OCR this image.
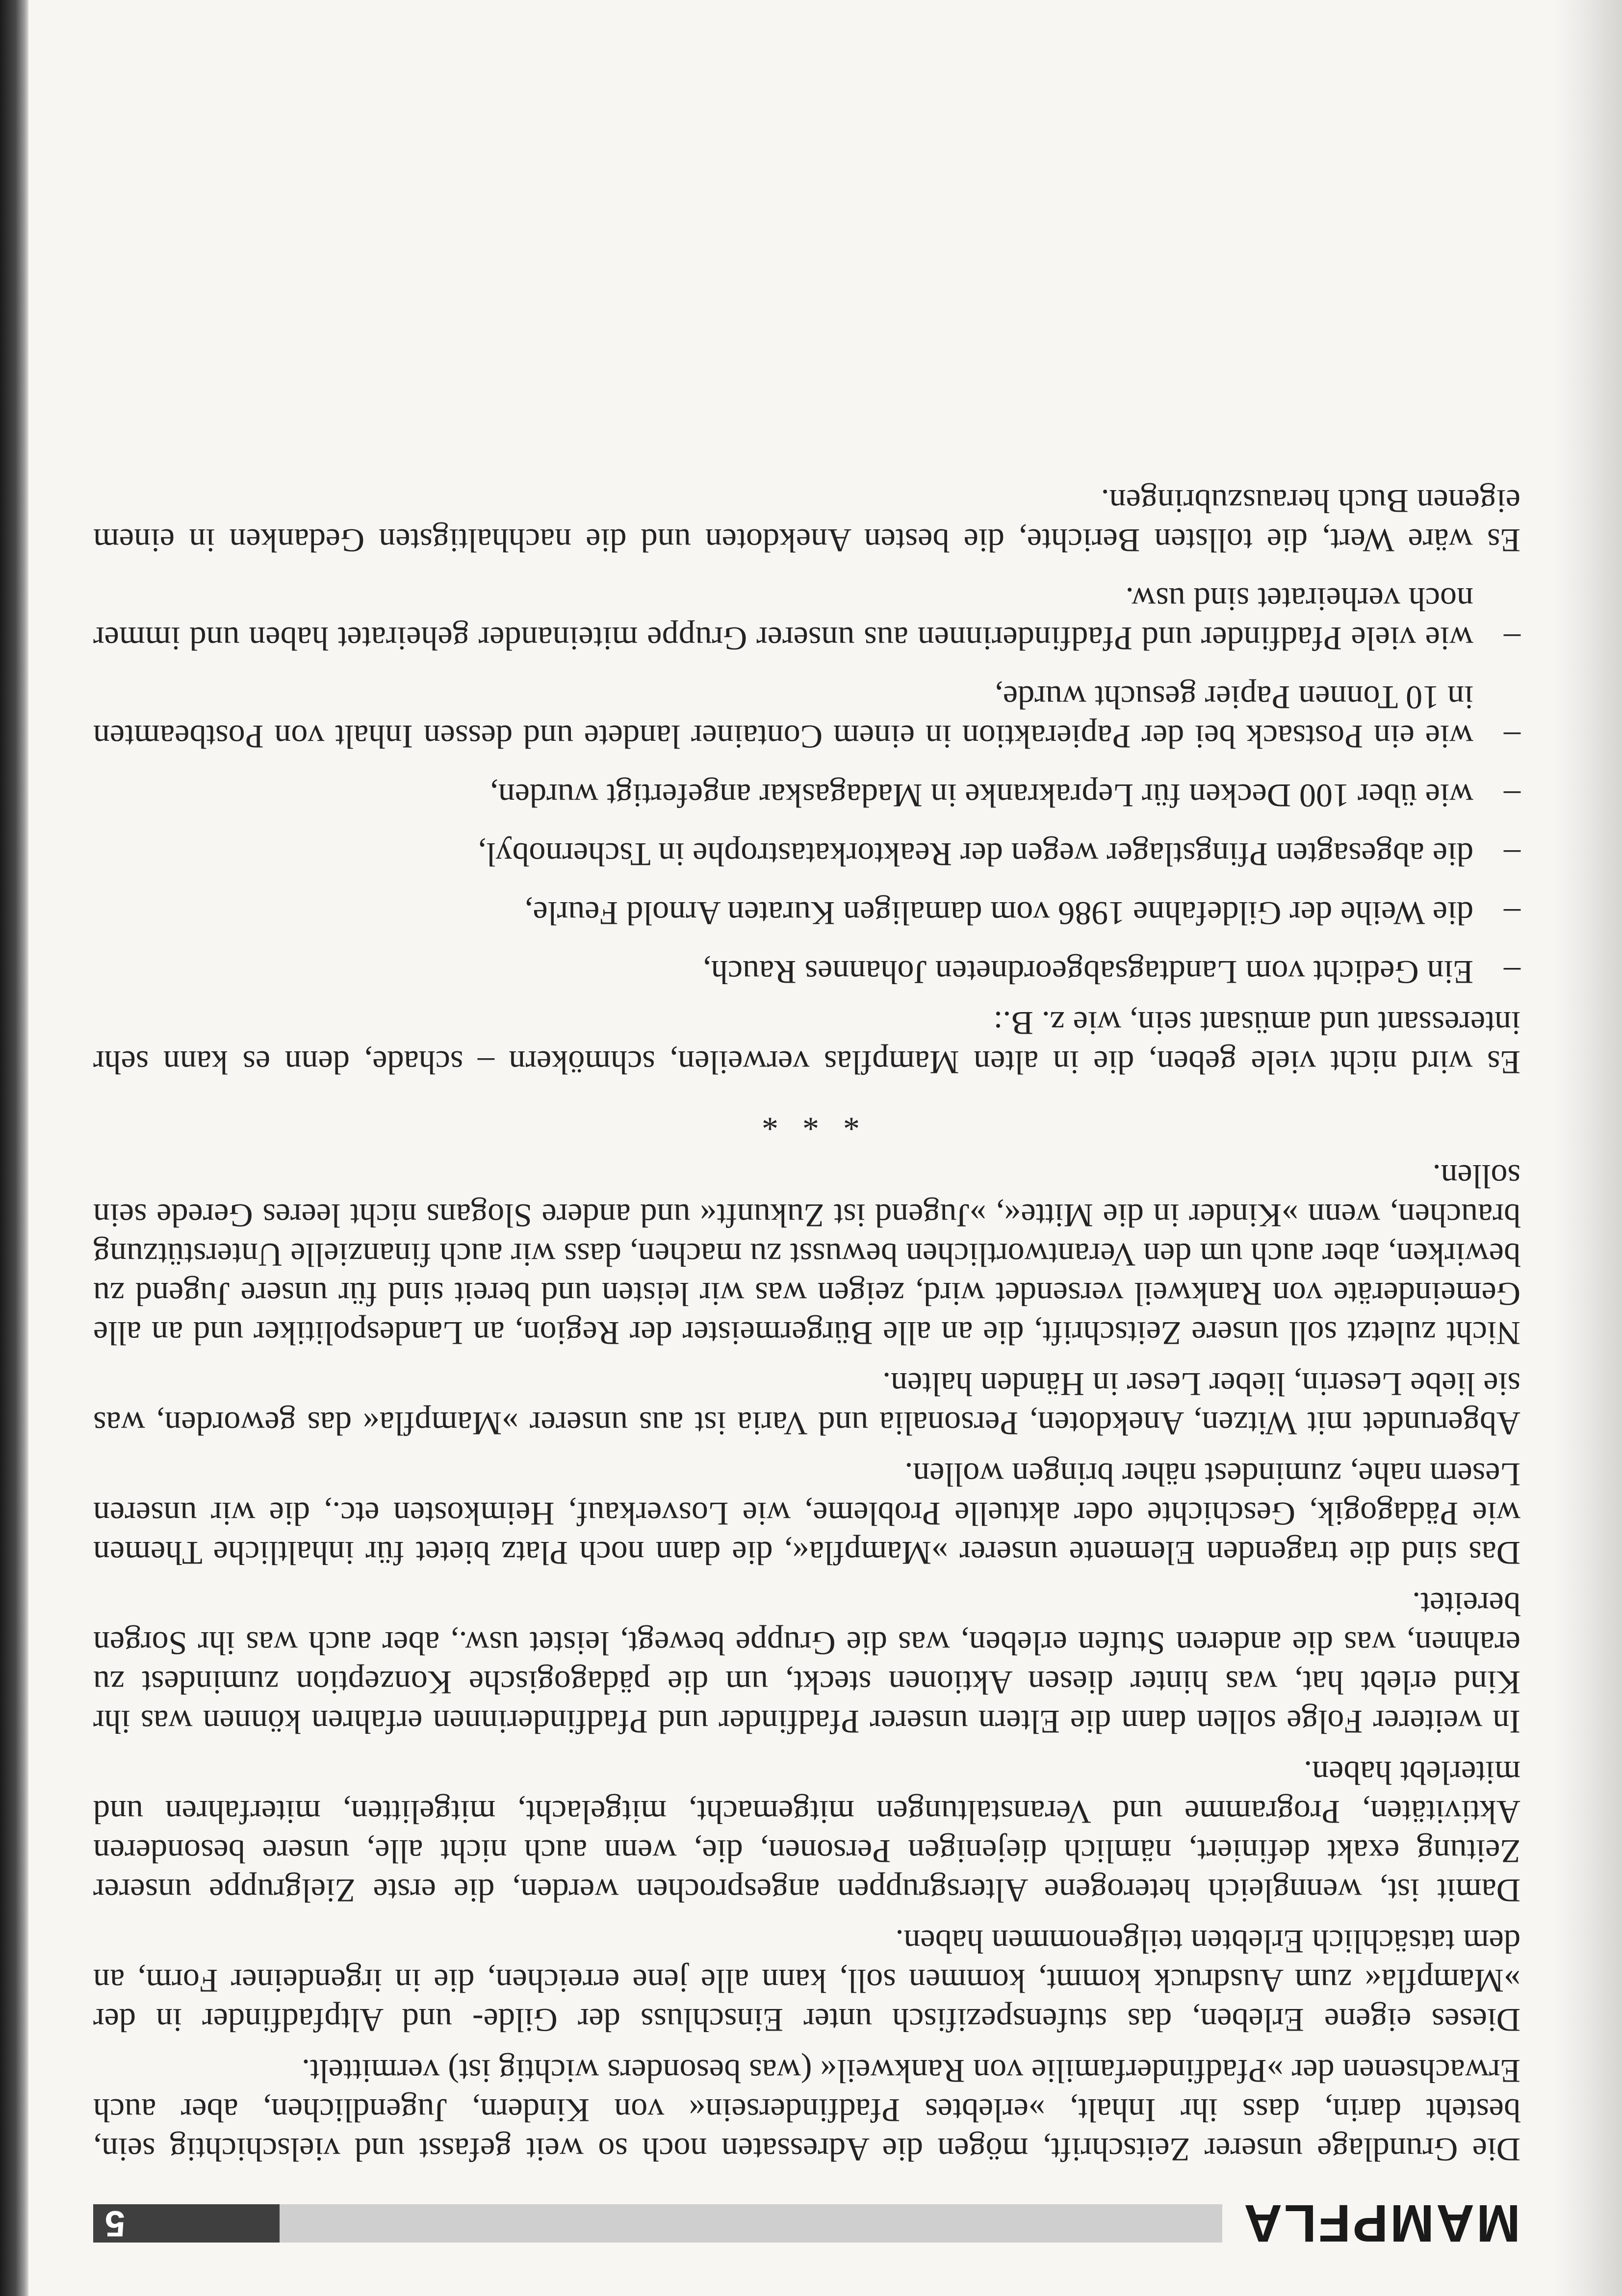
MAMPFLA
5

Die Grundlage unserer Zeitschrift, mögen die Adressaten noch so weit gefasst und vielschichtig sein, besteht darin, dass ihr Inhalt, »erlebtes Pfadfindersein« von Kindern, Jugendlichen, aber auch Erwachsenen der »Pfadfinderfamilie von Rankweil« (was besonders wichtig ist) vermittelt.

Dieses eigene Erleben, das stufenspezifisch unter Einschluss der Gilde- und Altpfadfinder in der »Mampfla« zum Ausdruck kommt, kommen soll, kann alle jene erreichen, die in irgendeiner Form, an dem tatsächlich Erlebten teilgenommen haben.

Damit ist, wenngleich heterogene Altersgruppen angesprochen werden, die erste Zielgruppe unserer Zeitung exakt definiert, nämlich diejenigen Personen, die, wenn auch nicht alle, unsere besonderen Aktivitäten, Programme und Veranstaltungen mitgemacht, mitgelacht, mitgelitten, miterfahren und miterlebt haben.

In weiterer Folge sollen dann die Eltern unserer Pfadfinder und Pfadfinderinnen erfahren können was ihr Kind erlebt hat, was hinter diesen Aktionen steckt, um die pädagogische Konzeption zumindest zu erahnen, was die anderen Stufen erleben, was die Gruppe bewegt, leistet usw., aber auch was ihr Sorgen bereitet.

Das sind die tragenden Elemente unserer »Mampfla«, die dann noch Platz bietet für inhaltliche Themen wie Pädagogik, Geschichte oder aktuelle Probleme, wie Losverkauf, Heimkosten etc., die wir unseren Lesern nahe, zumindest näher bringen wollen.

Abgerundet mit Witzen, Anekdoten, Personalia und Varia ist aus unserer »Mampfla« das geworden, was sie liebe Leserin, lieber Leser in Händen halten.

Nicht zuletzt soll unsere Zeitschrift, die an alle Bürgermeister der Region, an Landespolitiker und an alle Gemeinderäte von Rankweil versendet wird, zeigen was wir leisten und bereit sind für unsere Jugend zu bewirken, aber auch um den Verantwortlichen bewusst zu machen, dass wir auch finanzielle Unterstützung brauchen, wenn »Kinder in die Mitte«, »Jugend ist Zukunft« und andere Slogans nicht leeres Gerede sein sollen.

* * *

Es wird nicht viele geben, die in alten Mampflas verweilen, schmökern – schade, denn es kann sehr interessant und amüsant sein, wie z. B.:

–
Ein Gedicht vom Landtagsabgeordneten Johannes Rauch,
–
die Weihe der Gildefahne 1986 vom damaligen Kuraten Arnold Feurle,
–
die abgesagten Pfingstlager wegen der Reaktorkatastrophe in Tschernobyl,
–
wie über 100 Decken für Leprakranke in Madagaskar angefertigt wurden,
–
wie ein Postsack bei der Papieraktion in einem Container landete und dessen Inhalt von Postbeamten in 10 Tonnen Papier gesucht wurde,
–
wie viele Pfadfinder und Pfadfinderinnen aus unserer Gruppe miteinander geheiratet haben und immer noch verheiratet sind usw.

Es wäre Wert, die tollsten Berichte, die besten Anekdoten und die nachhaltigsten Gedanken in einem eigenen Buch herauszubringen.
